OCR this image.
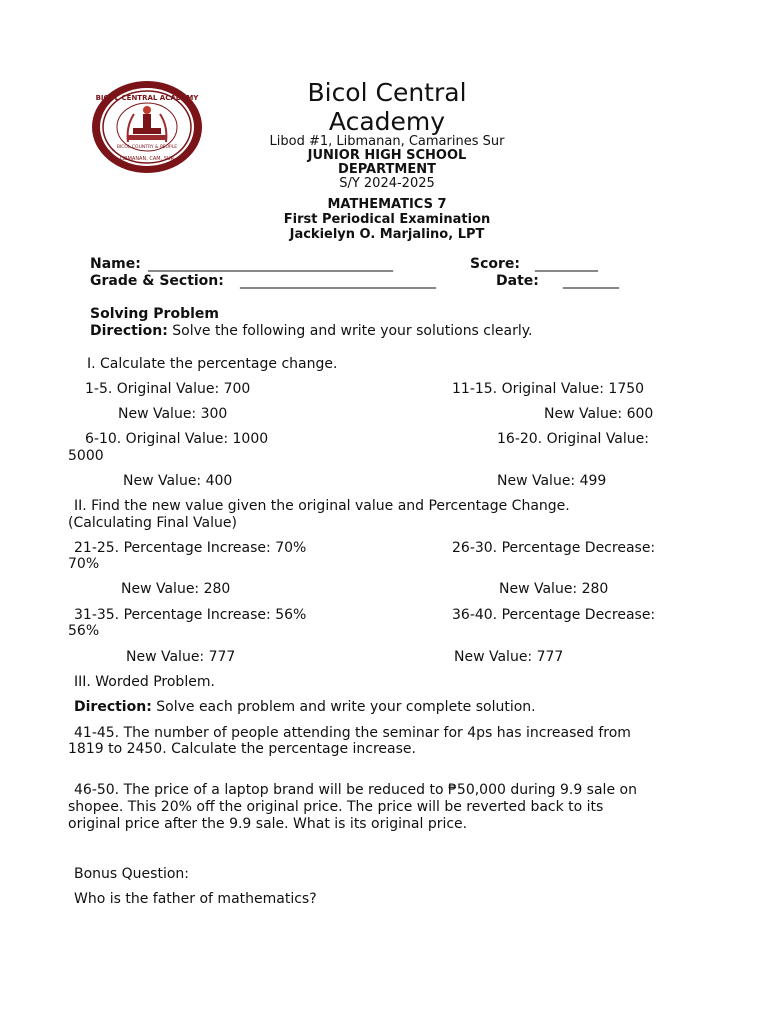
BICOL CENTRAL ACADEMY
BICOL COUNTRY & PEOPLE
LIBMANAN, CAM. SUR
Bicol Central Academy
Libod #1, Libmanan, Camarines Sur
JUNIOR HIGH SCHOOL
DEPARTMENT
S/Y 2024-2025
MATHEMATICS 7
First Periodical Examination
Jackielyn O. Marjalino, LPT
Name: ___________________________________	Score: _________
Grade & Section: ____________________________	Date: ________
Solving Problem
Direction: Solve the following and write your solutions clearly.
I. Calculate the percentage change.
1-5. Original Value: 700	11-15. Original Value: 1750
New Value: 300	New Value: 600
6-10. Original Value: 1000	16-20. Original Value:
5000
New Value: 400	New Value: 499
II. Find the new value given the original value and Percentage Change.
(Calculating Final Value)
21-25. Percentage Increase: 70%	26-30. Percentage Decrease:
70%
New Value: 280	New Value: 280
31-35. Percentage Increase: 56%	36-40. Percentage Decrease:
56%
New Value: 777	New Value: 777
III. Worded Problem.
Direction: Solve each problem and write your complete solution.
41-45. The number of people attending the seminar for 4ps has increased from
1819 to 2450. Calculate the percentage increase.
46-50. The price of a laptop brand will be reduced to ₱50,000 during 9.9 sale on
shopee. This 20% off the original price. The price will be reverted back to its
original price after the 9.9 sale. What is its original price.
Bonus Question:
Who is the father of mathematics?
